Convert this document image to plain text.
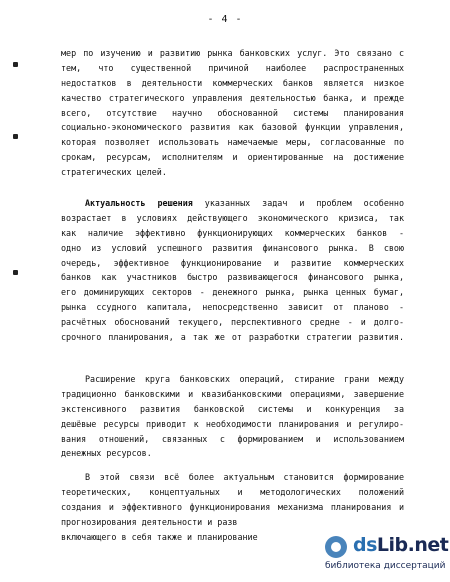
- 4 -

мер по изучению и развитию рынка банковских услуг. Это связано с
тем, что существенной причиной наиболее распространенных
недостатков в деятельности коммерческих банков является низкое
качество стратегического управления деятельностью банка, и прежде
всего, отсутствие научно обоснованной системы планирования
социально-экономического развития как базовой функции управления,
которая позволяет использовать намечаемые меры, согласованные по
срокам, ресурсам, исполнителям и ориентированные на достижение
стратегических целей.

Актуальность решения указанных задач и проблем особенно
возрастает в условиях действующего экономического кризиса, так
как наличие эффективно функционирующих коммерческих банков -
одно из условий успешного развития финансового рынка. В свою
очередь, эффективное функционирование и развитие коммерческих
банков как участников быстро развивающегося финансового рынка,
его доминирующих секторов - денежного рынка, рынка ценных бумаг,
рынка ссудного капитала, непосредственно зависит от планово -
расчётных обоснований текущего, перспективного средне - и долго-
срочного планирования, а так же от разработки стратегии развития.

Расширение круга банковских операций, стирание грани между
традиционно банковскими и квазибанковскими операциями, завершение
экстенсивного развития банковской системы и конкуренция за
дешёвые ресурсы приводит к необходимости планирования и регулиро-
вания отношений, связанных с формированием и использованием
денежных ресурсов.

В этой связи всё более актуальным становится формирование
теоретических, концептуальных и методологических положений
создания и эффективного функционирования механизма планирования и
прогнозирования деятельности и разв
включающего в себя также и планирование	dsLib.net
библиотека диссертаций
